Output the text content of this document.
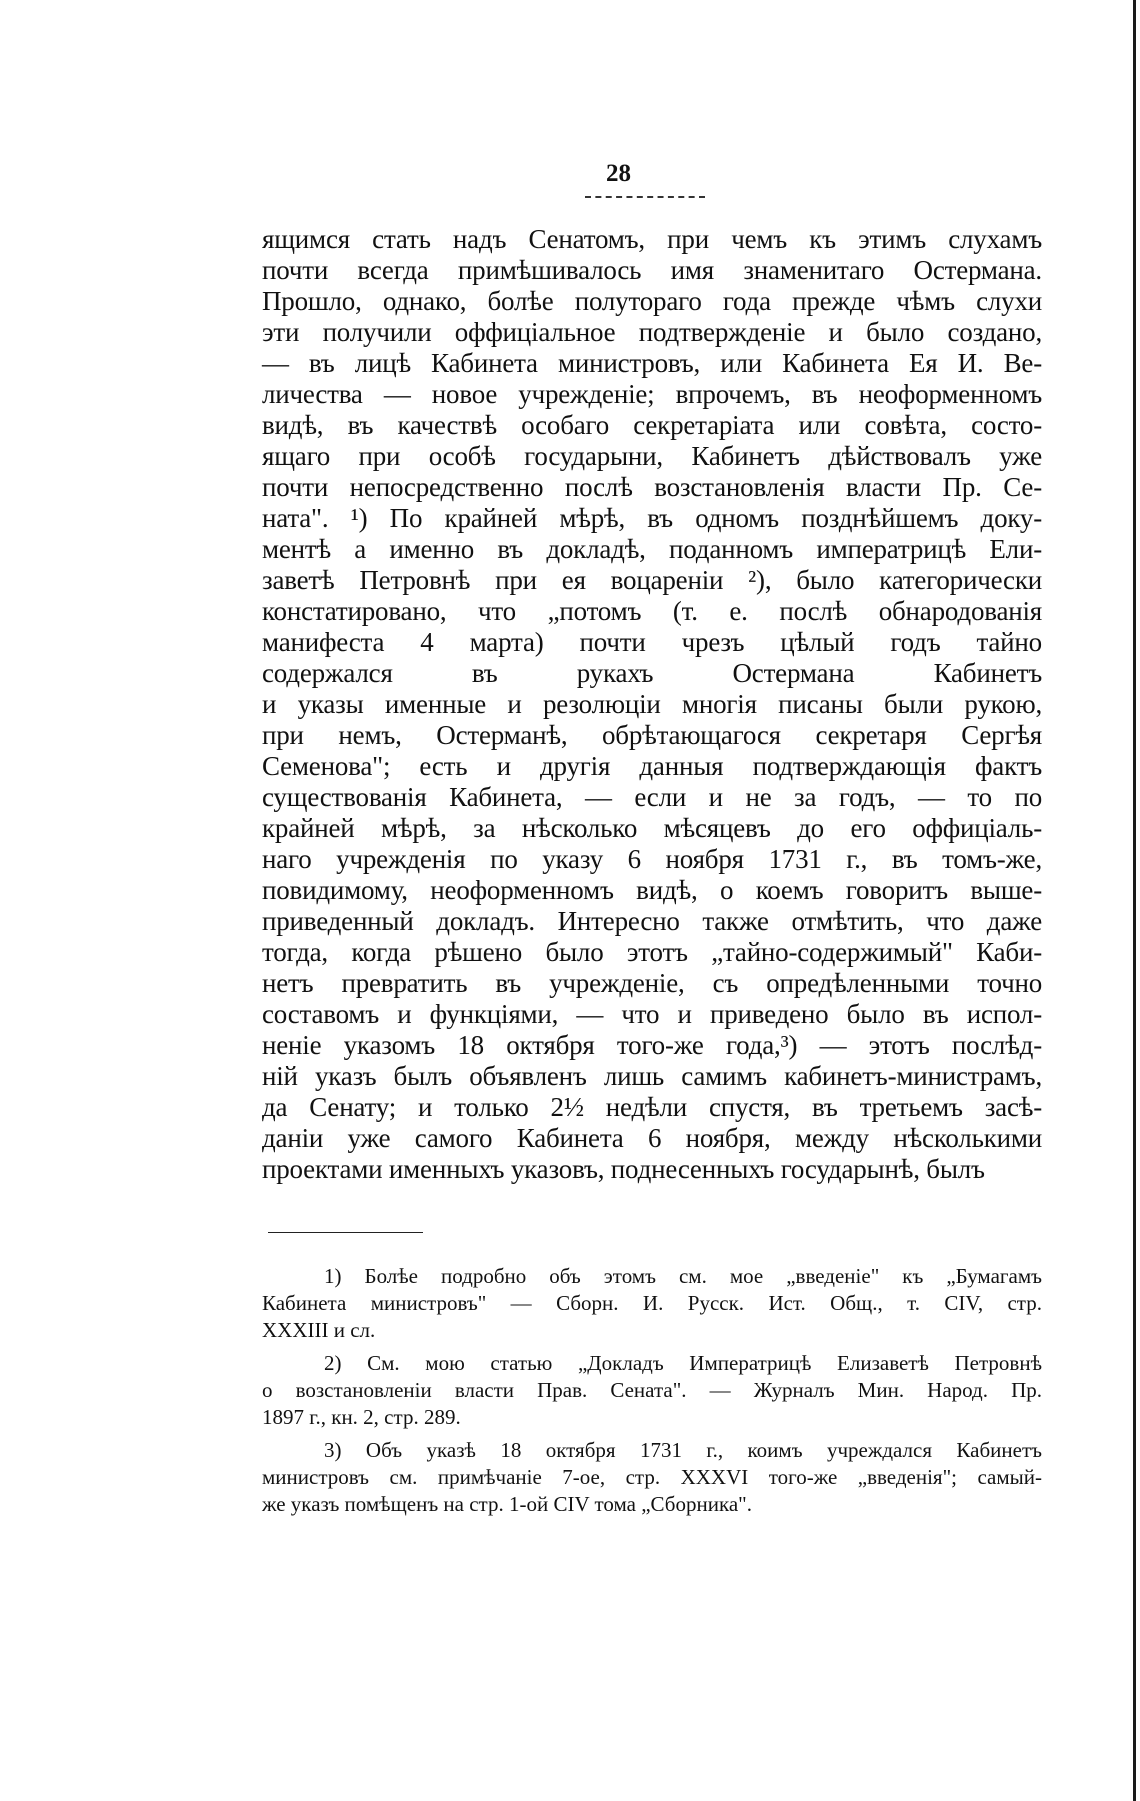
28
ящимся стать надъ Сенатомъ, при чемъ къ этимъ слухамъ
почти всегда примѣшивалось имя знаменитаго Остермана.
Прошло, однако, болѣе полутораго года прежде чѣмъ слухи
эти получили оффиціальное подтвержденіе и было создано,
— въ лицѣ Кабинета министровъ, или Кабинета Ея И. Ве-
личества — новое учрежденіе; впрочемъ, въ неоформенномъ
видѣ, въ качествѣ особаго секретаріата или совѣта, состо-
ящаго при особѣ государыни, Кабинетъ дѣйствовалъ уже
почти непосредственно послѣ возстановленія власти Пр. Се-
ната". ¹) По крайней мѣрѣ, въ одномъ позднѣйшемъ доку-
ментѣ а именно въ докладѣ, поданномъ императрицѣ Ели-
заветѣ Петровнѣ при ея воцареніи ²), было категорически
констатировано, что „потомъ (т. е. послѣ обнародованія
манифеста 4 марта) почти чрезъ цѣлый годъ тайно
содержался въ рукахъ Остермана Кабинетъ
и указы именные и резолюціи многія писаны были рукою,
при немъ, Остерманѣ, обрѣтающагося секретаря Сергѣя
Семенова"; есть и другія данныя подтверждающія фактъ
существованія Кабинета, — если и не за годъ, — то по
крайней мѣрѣ, за нѣсколько мѣсяцевъ до его оффиціаль-
наго учрежденія по указу 6 ноября 1731 г., въ томъ-же,
повидимому, неоформенномъ видѣ, о коемъ говоритъ выше-
приведенный докладъ. Интересно также отмѣтить, что даже
тогда, когда рѣшено было этотъ „тайно-содержимый" Каби-
нетъ превратить въ учрежденіе, съ опредѣленными точно
составомъ и функціями, — что и приведено было въ испол-
неніе указомъ 18 октября того-же года,³) — этотъ послѣд-
ній указъ былъ объявленъ лишь самимъ кабинетъ-министрамъ,
да Сенату; и только 2½ недѣли спустя, въ третьемъ засѣ-
даніи уже самого Кабинета 6 ноября, между нѣсколькими
проектами именныхъ указовъ, поднесенныхъ государынѣ, былъ
1) Болѣе подробно объ этомъ см. мое „введеніе" къ „Бумагамъ
Кабинета министровъ" — Сборн. И. Русск. Ист. Общ., т. CIV, стр.
XXXIII и сл.
2) См. мою статью „Докладъ Императрицѣ Елизаветѣ Петровнѣ
о возстановленіи власти Прав. Сената". — Журналъ Мин. Народ. Пр.
1897 г., кн. 2, стр. 289.
3) Объ указѣ 18 октября 1731 г., коимъ учреждался Кабинетъ
министровъ см. примѣчаніе 7-ое, стр. XXXVI того-же „введенія"; самый-
же указъ помѣщенъ на стр. 1-ой CIV тома „Сборника".
